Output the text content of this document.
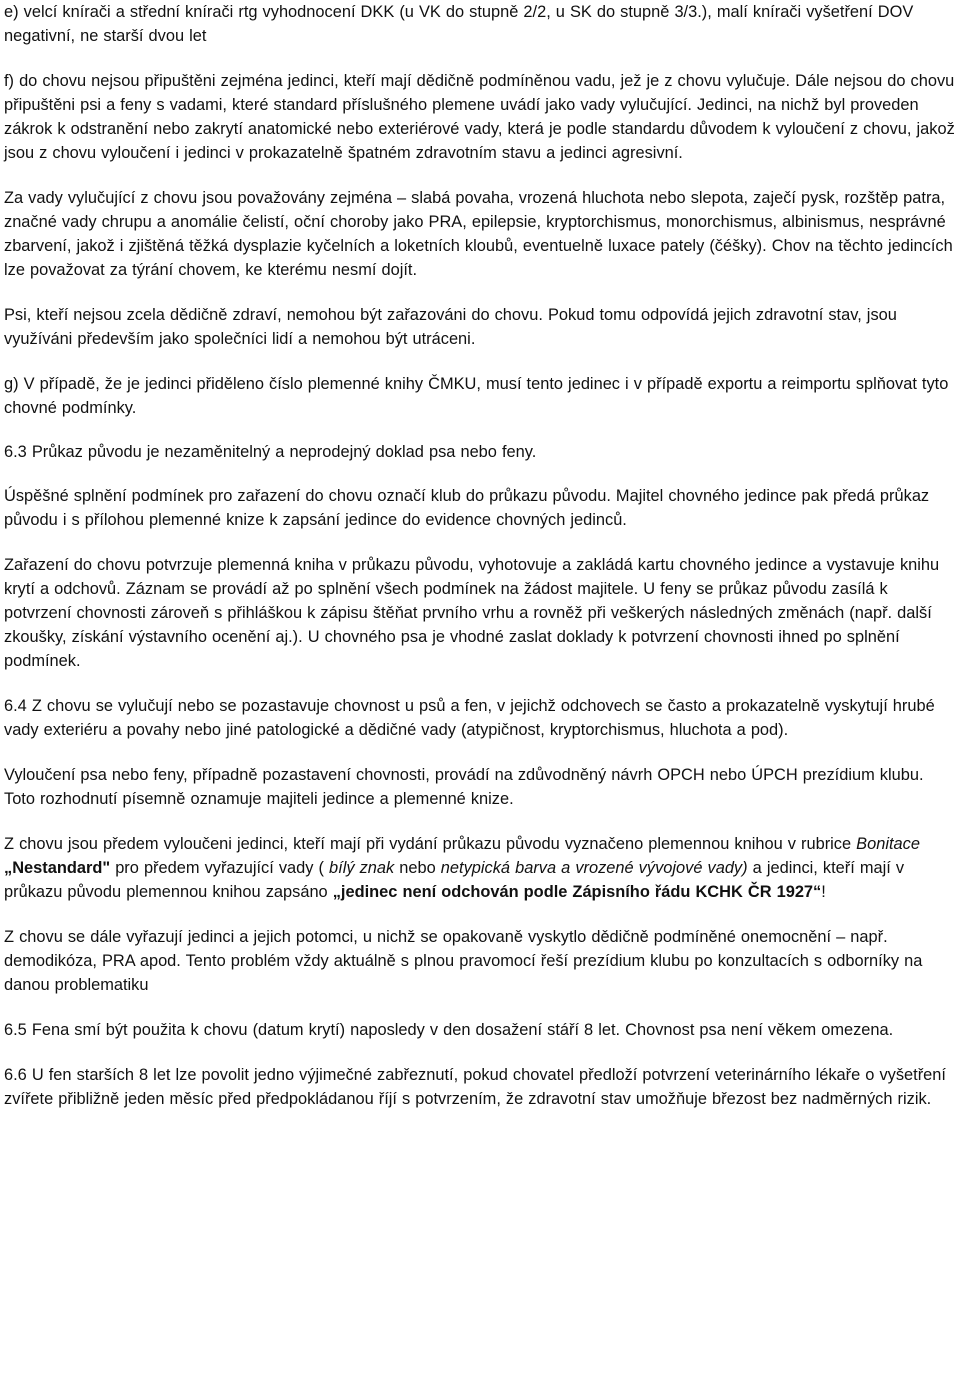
e) velcí knírači a střední knírači rtg vyhodnocení DKK (u VK do stupně 2/2, u SK do stupně 3/3.), malí knírači vyšetření DOV negativní, ne starší dvou let

f) do chovu nejsou připuštěni zejména jedinci, kteří mají dědičně podmíněnou vadu, jež je z chovu vylučuje. Dále nejsou do chovu připuštěni psi a feny s vadami, které standard příslušného plemene uvádí jako vady vylučující. Jedinci, na nichž byl proveden zákrok k odstranění nebo zakrytí anatomické nebo exteriérové vady, která je podle standardu důvodem k vyloučení z chovu, jakož jsou z chovu vyloučení i jedinci v prokazatelně špatném zdravotním stavu a jedinci agresivní.

Za vady vylučující z chovu jsou považovány zejména – slabá povaha, vrozená hluchota nebo slepota, zaječí pysk, rozštěp patra, značné vady chrupu a anomálie čelistí, oční choroby jako PRA, epilepsie, kryptorchismus, monorchismus, albinismus, nesprávné zbarvení, jakož i zjištěná těžká dysplazie kyčelních a loketních kloubů, eventuelně luxace pately (čéšky). Chov na těchto jedincích lze považovat za týrání chovem, ke kterému nesmí dojít.

Psi, kteří nejsou zcela dědičně zdraví, nemohou být zařazováni do chovu. Pokud tomu odpovídá jejich zdravotní stav, jsou využíváni především jako společníci lidí a nemohou být utráceni.

g) V případě, že je jedinci přiděleno číslo plemenné knihy ČMKU, musí tento jedinec i v případě exportu a reimportu splňovat tyto chovné podmínky.

6.3 Průkaz původu je nezaměnitelný a neprodejný doklad psa nebo feny.

Úspěšné splnění podmínek pro zařazení do chovu označí klub do průkazu původu. Majitel chovného jedince pak předá průkaz původu i s přílohou plemenné knize k zapsání jedince do evidence chovných jedinců.

Zařazení do chovu potvrzuje plemenná kniha v průkazu původu, vyhotovuje a zakládá kartu chovného jedince a vystavuje knihu krytí a odchovů. Záznam se provádí až po splnění všech podmínek na žádost majitele. U feny se průkaz původu zasílá k potvrzení chovnosti zároveň s přihláškou k zápisu štěňat prvního vrhu a rovněž při veškerých následných změnách (např. další zkoušky, získání výstavního ocenění aj.). U chovného psa je vhodné zaslat doklady k potvrzení chovnosti ihned po splnění podmínek.

6.4 Z chovu se vylučují nebo se pozastavuje chovnost u psů a fen, v jejichž odchovech se často a prokazatelně vyskytují hrubé vady exteriéru a povahy nebo jiné patologické a dědičné vady (atypičnost, kryptorchismus, hluchota a pod).

Vyloučení psa nebo feny, případně pozastavení chovnosti, provádí na zdůvodněný návrh OPCH nebo ÚPCH prezídium klubu. Toto rozhodnutí písemně oznamuje majiteli jedince a plemenné knize.

Z chovu jsou předem vyloučeni jedinci, kteří mají při vydání průkazu původu vyznačeno plemennou knihou v rubrice Bonitace „Nestandard" pro předem vyřazující vady ( bílý znak nebo netypická barva a vrozené vývojové vady) a jedinci, kteří mají v průkazu původu plemennou knihou zapsáno „jedinec není odchován podle Zápisního řádu KCHK ČR 1927“!

Z chovu se dále vyřazují jedinci a jejich potomci, u nichž se opakovaně vyskytlo dědičně podmíněné onemocnění – např. demodikóza, PRA apod. Tento problém vždy aktuálně s plnou pravomocí řeší prezídium klubu po konzultacích s odborníky na danou problematiku

6.5 Fena smí být použita k chovu (datum krytí) naposledy v den dosažení stáří 8 let. Chovnost psa není věkem omezena.

6.6 U fen starších 8 let lze povolit jedno výjimečné zabřeznutí, pokud chovatel předloží potvrzení veterinárního lékaře o vyšetření zvířete přibližně jeden měsíc před předpokládanou říjí s potvrzením, že zdravotní stav umožňuje březost bez nadměrných rizik.
